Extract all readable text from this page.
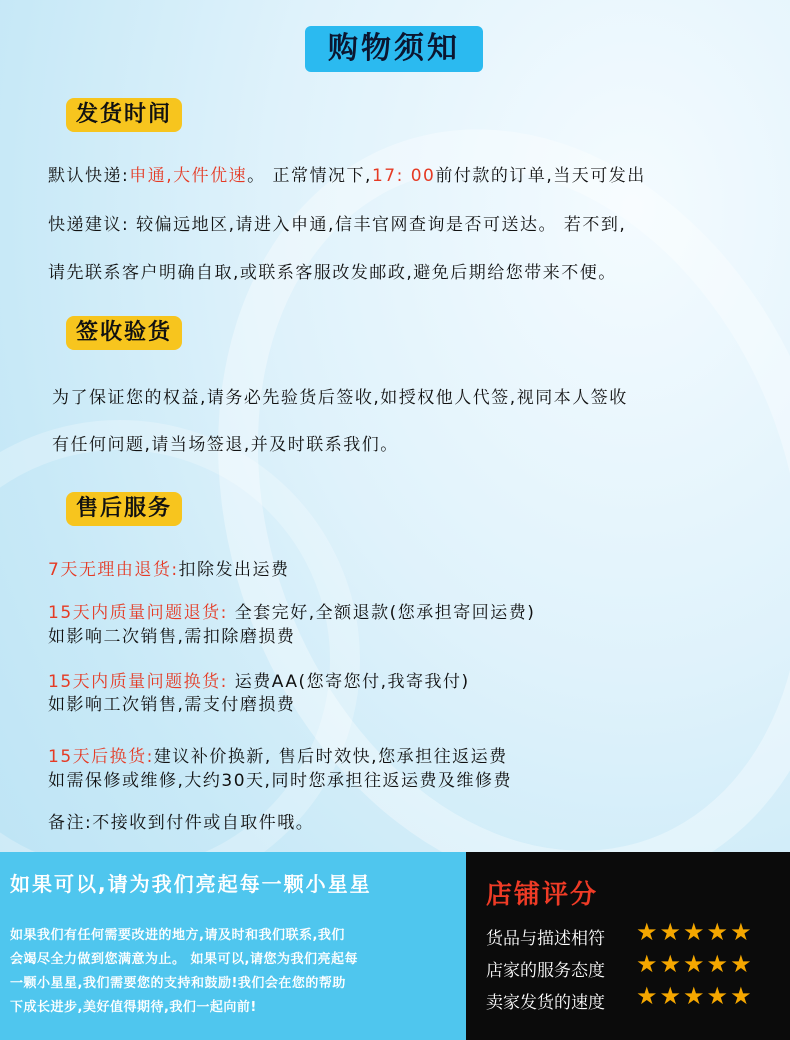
购物须知
发货时间
默认快递:申通,大件优速。 正常情况下,17: 00前付款的订单,当天可发出
快递建议: 较偏远地区,请进入申通,信丰官网查询是否可送达。 若不到,
请先联系客户明确自取,或联系客服改发邮政,避免后期给您带来不便。
签收验货
为了保证您的权益,请务必先验货后签收,如授权他人代签,视同本人签收
有任何问题,请当场签退,并及时联系我们。
售后服务
7天无理由退货:扣除发出运费
15天内质量问题退货: 全套完好,全额退款(您承担寄回运费)
如影响二次销售,需扣除磨损费
15天内质量问题换货: 运费AA(您寄您付,我寄我付)
如影响工次销售,需支付磨损费
15天后换货:建议补价换新, 售后时效快,您承担往返运费
如需保修或维修,大约30天,同时您承担往返运费及维修费
备注:不接收到付件或自取件哦。
如果可以,请为我们亮起每一颗小星星
如果我们有任何需要改进的地方,请及时和我们联系,我们
会竭尽全力做到您满意为止。 如果可以,请您为我们亮起每
一颗小星星,我们需要您的支持和鼓励!我们会在您的帮助
下成长进步,美好值得期待,我们一起向前!
店铺评分
货品与描述相符 ★★★★★
店家的服务态度 ★★★★★
卖家发货的速度 ★★★★★
